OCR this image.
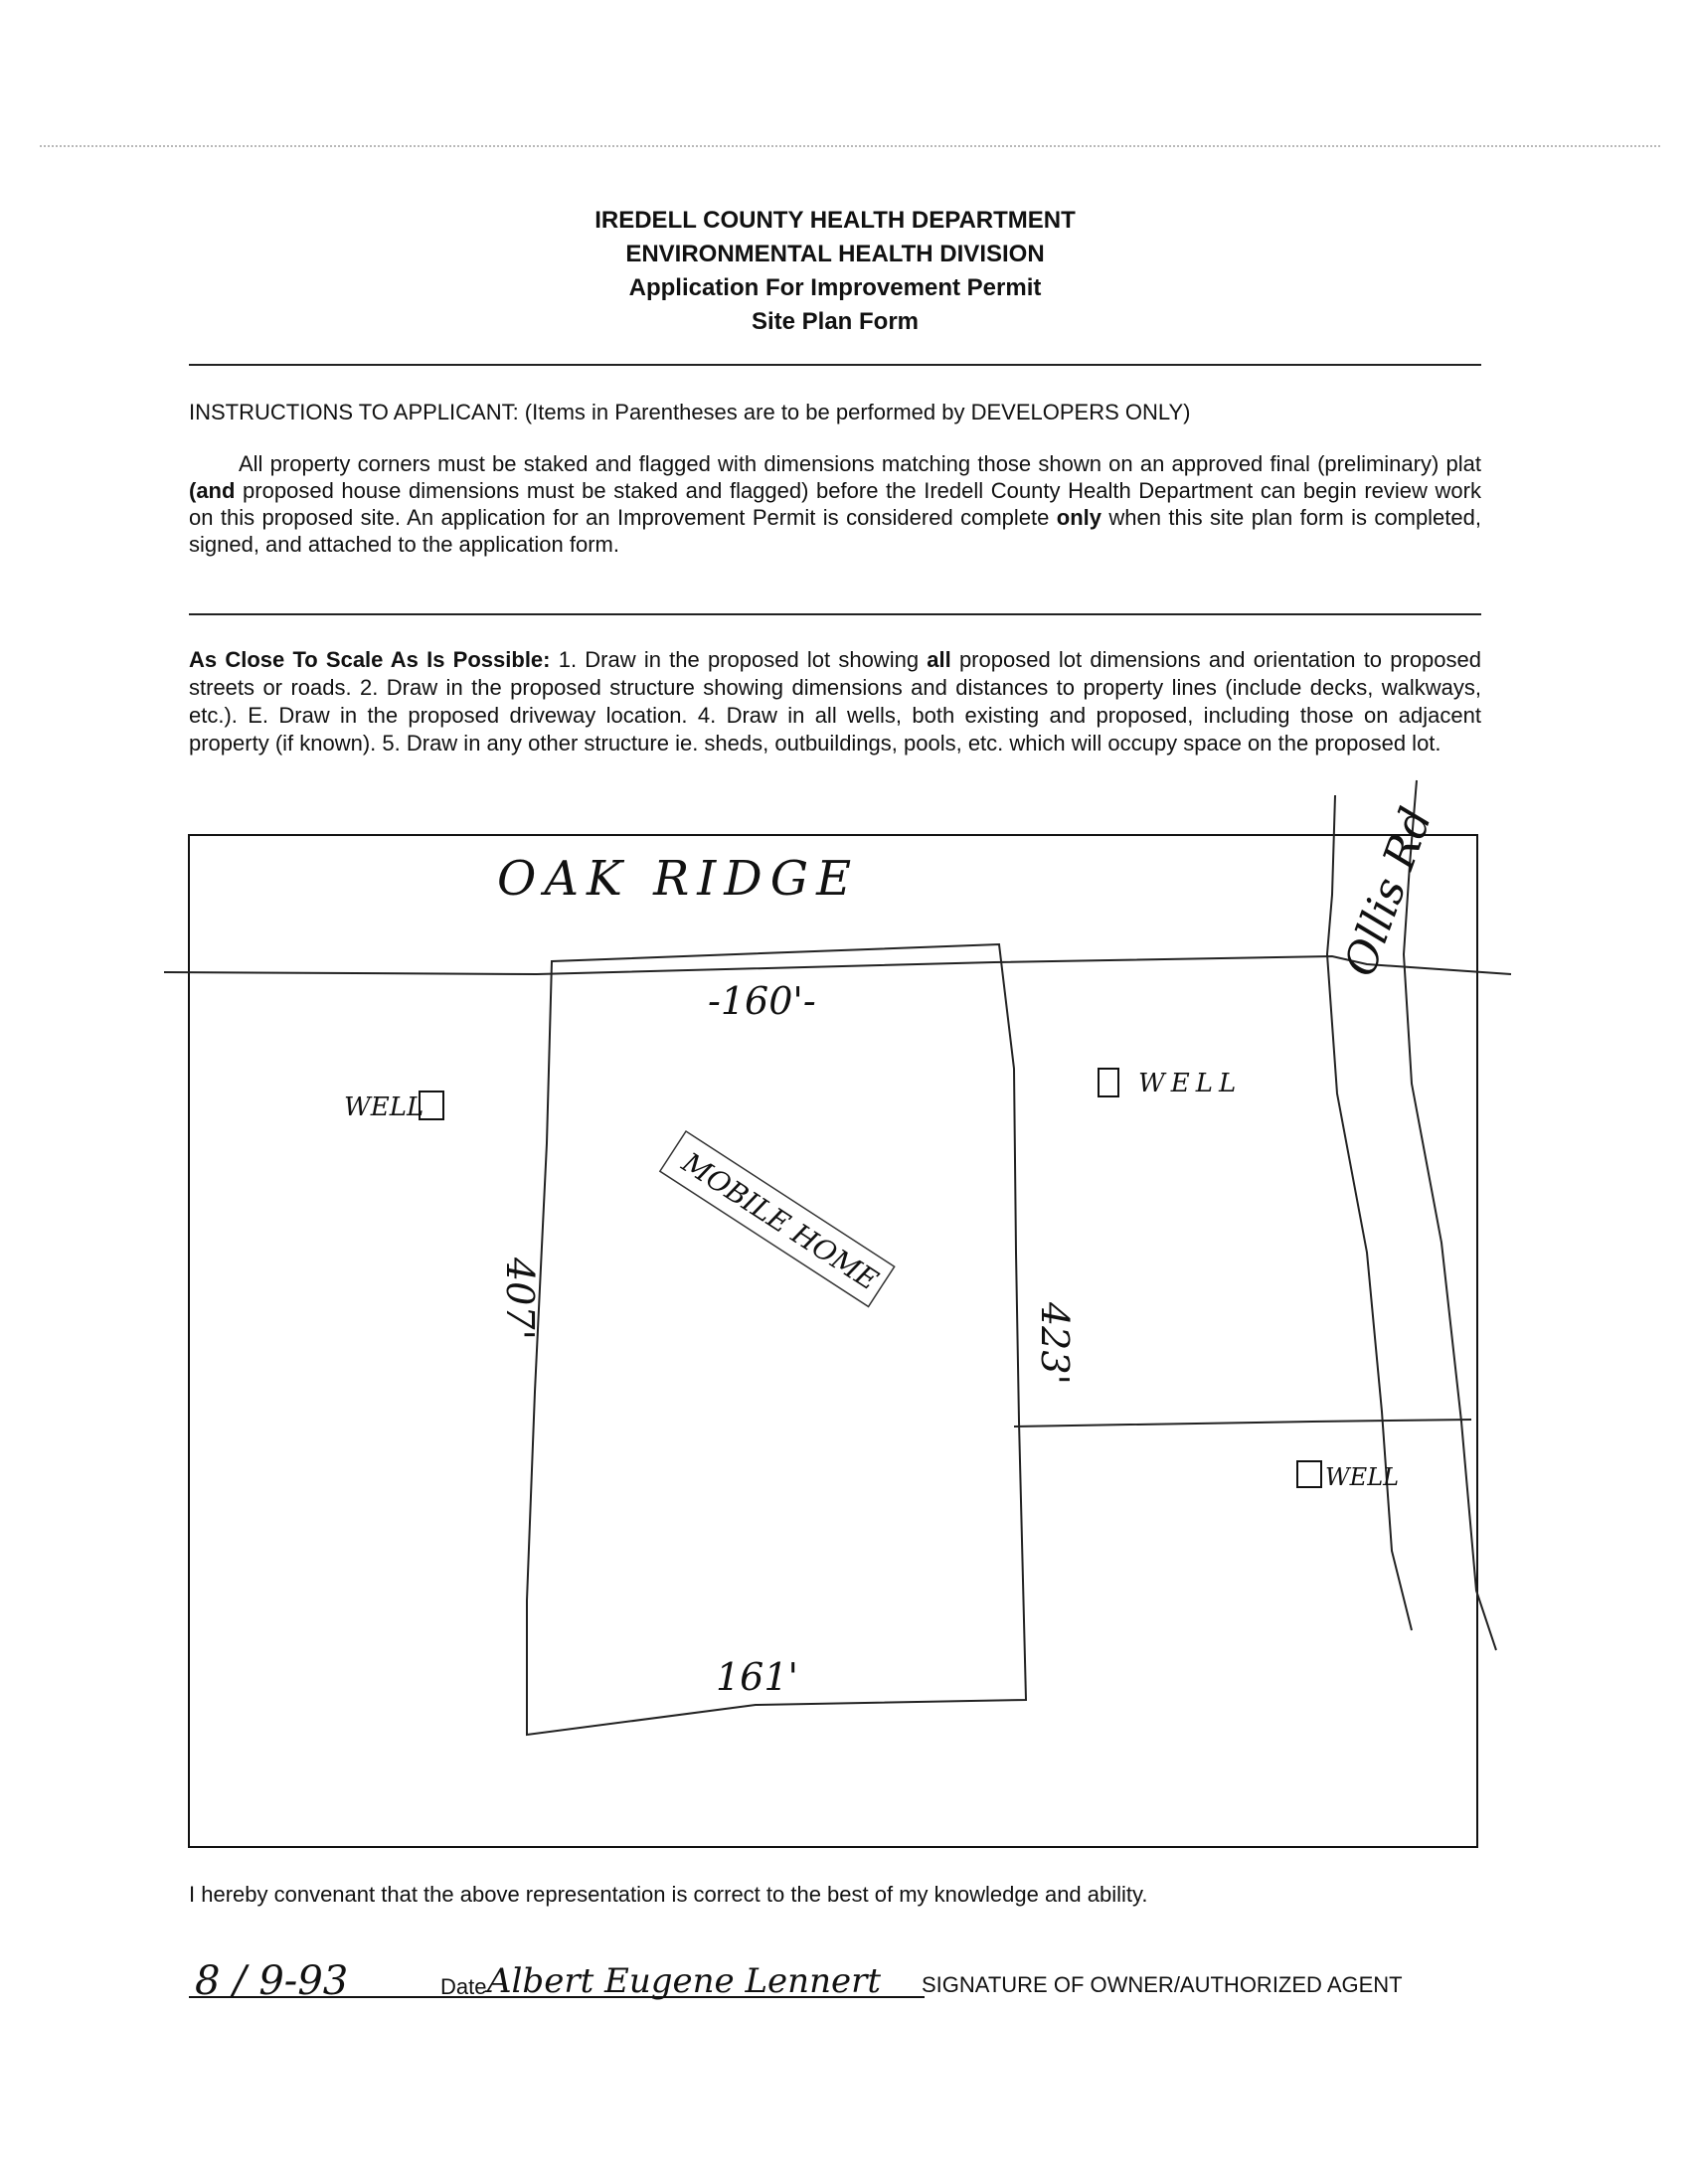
IREDELL COUNTY HEALTH DEPARTMENT
ENVIRONMENTAL HEALTH DIVISION
Application For Improvement Permit
Site Plan Form
INSTRUCTIONS TO APPLICANT: (Items in Parentheses are to be performed by DEVELOPERS ONLY)
All property corners must be staked and flagged with dimensions matching those shown on an approved final (preliminary) plat (and proposed house dimensions must be staked and flagged) before the Iredell County Health Department can begin review work on this proposed site. An application for an Improvement Permit is considered complete only when this site plan form is completed, signed, and attached to the application form.
As Close To Scale As Is Possible: 1. Draw in the proposed lot showing all proposed lot dimensions and orientation to proposed streets or roads. 2. Draw in the proposed structure showing dimensions and distances to property lines (include decks, walkways, etc.). E. Draw in the proposed driveway location. 4. Draw in all wells, both existing and proposed, including those on adjacent property (if known). 5. Draw in any other structure ie. sheds, outbuildings, pools, etc. which will occupy space on the proposed lot.
MOBILE HOME
OAK RIDGE	Ollis Rd
-160'-
161'
407'
423'
WELL
WELL
WELL
I hereby convenant that the above representation is correct to the best of my knowledge and ability.
8 / 9-93	Albert Eugene Lennert
Date	SIGNATURE OF OWNER/AUTHORIZED AGENT
